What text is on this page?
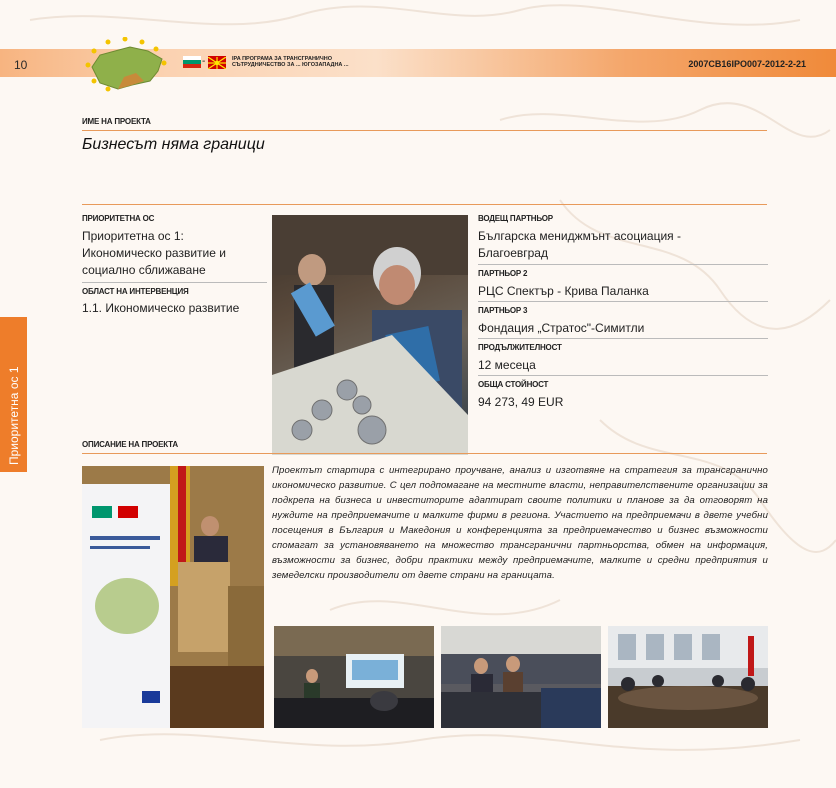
10	-	IPA ПРОГРАМА ЗА ТРАНСГРАНИЧНО СЪТРУДНИЧЕСТВО ЗА ... ЮГОЗАПАДНА ...	2007CB16IPO007-2012-2-21
Приоритетна ос 1
ИМЕ НА ПРОЕКТА
Бизнесът няма граници
ПРИОРИТЕТНА ОС
Приоритетна ос 1: Икономическо развитие и социално сближаване
ОБЛАСТ НА ИНТЕРВЕНЦИЯ
1.1. Икономическо развитие
ВОДЕЩ ПАРТНЬОР
Българска мениджмънт асоциация - Благоевград
ПАРТНЬОР 2
РЦС Спектър - Крива Паланка
ПАРТНЬОР 3
Фондация „Стратос"-Симитли
ПРОДЪЛЖИТЕЛНОСТ
12 месеца
ОБЩА СТОЙНОСТ
94 273, 49 EUR
ОПИСАНИЕ НА ПРОЕКТА
Проектът стартира с интегрирано проучване, анализ и изготвяне на стратегия за трансгранично икономическо развитие. С цел подпомагане на местните власти, неправителствените организации за подкрепа на бизнеса и инвеститорите адаптират своите политики и планове за да отговорят на нуждите на предприемачите и малките фирми в региона. Участието на предприемачи в двете учебни посещения в България и Македония и конференцията за предприемачество и бизнес възможности спомагат за установяването на множество трансгранични партньорства, обмен на информация, възможности за бизнес, добри практики между предприемачите, малките и средни предприятия и земеделски производители от двете страни на границата.
